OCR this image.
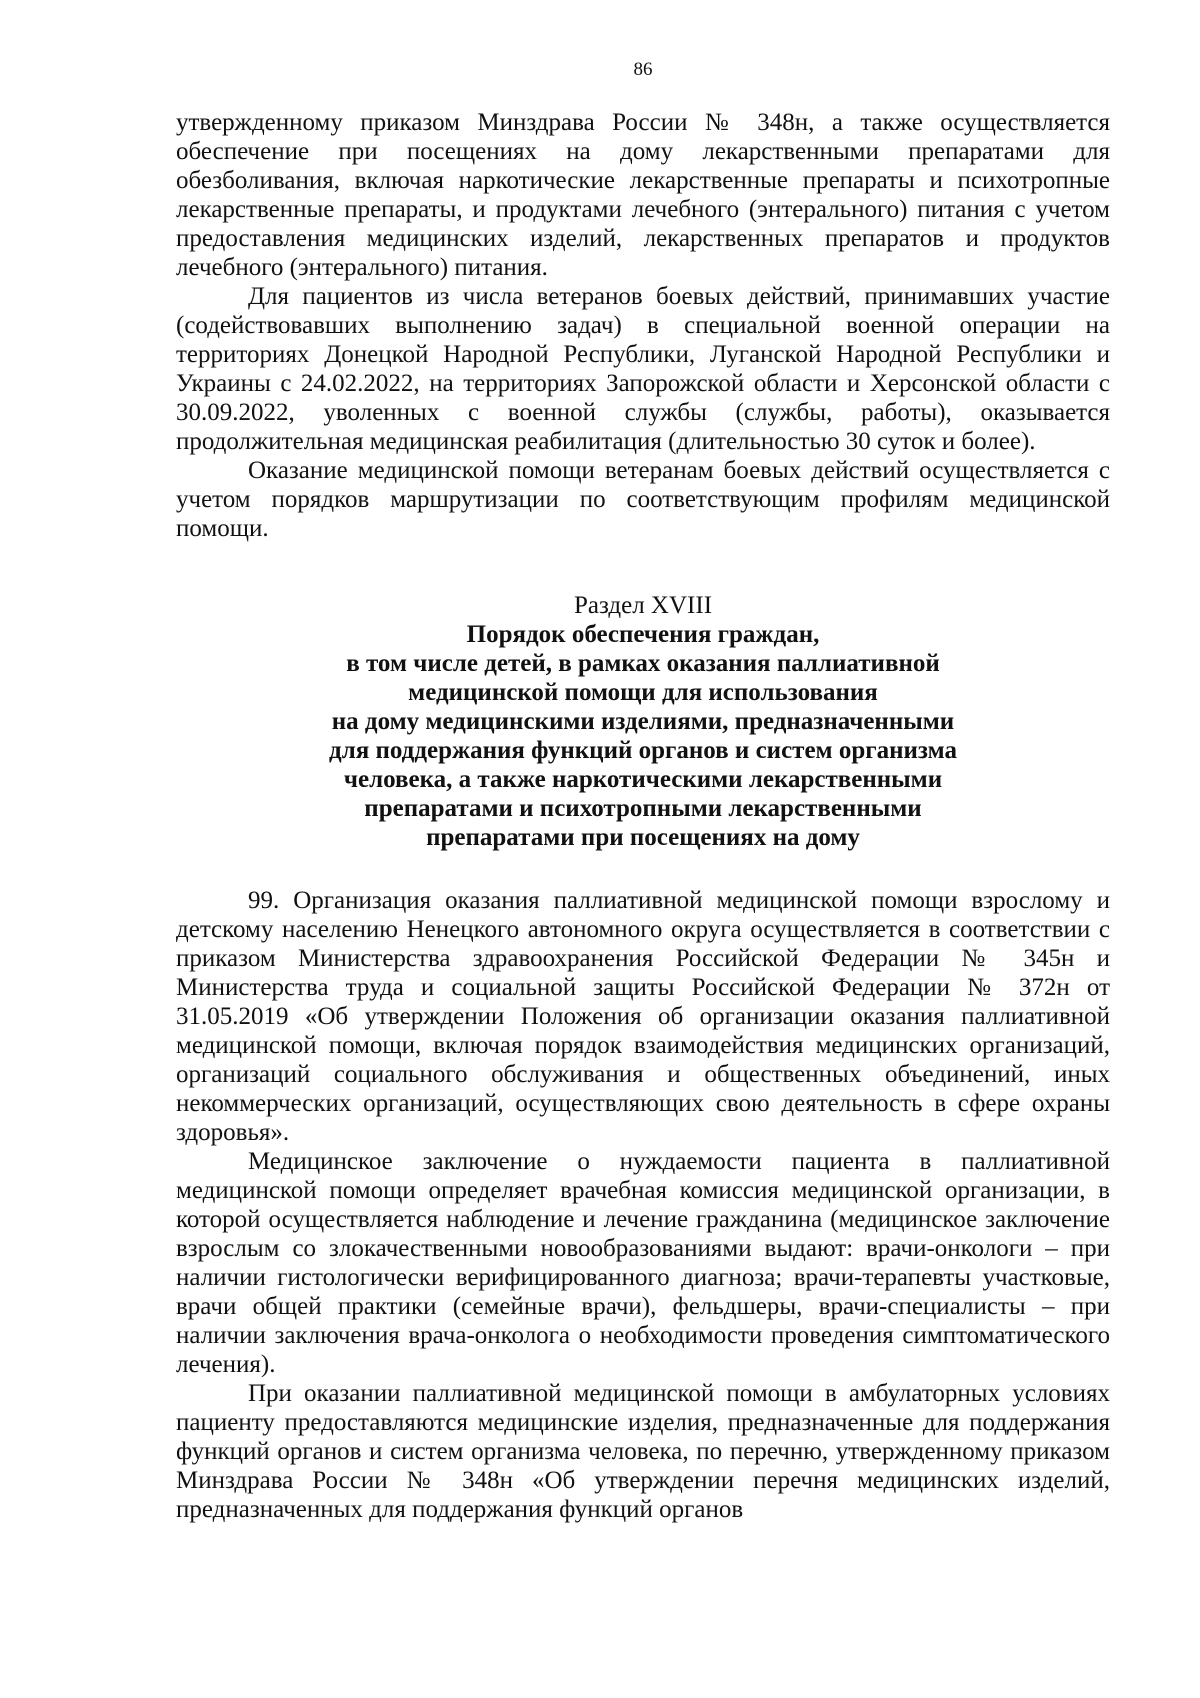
86

утвержденному приказом Минздрава России № 348н, а также осуществляется обеспечение при посещениях на дому лекарственными препаратами для обезболивания, включая наркотические лекарственные препараты и психотропные лекарственные препараты, и продуктами лечебного (энтерального) питания с учетом предоставления медицинских изделий, лекарственных препаратов и продуктов лечебного (энтерального) питания.

Для пациентов из числа ветеранов боевых действий, принимавших участие (содействовавших выполнению задач) в специальной военной операции на территориях Донецкой Народной Республики, Луганской Народной Республики и Украины с 24.02.2022, на территориях Запорожской области и Херсонской области с 30.09.2022, уволенных с военной службы (службы, работы), оказывается продолжительная медицинская реабилитация (длительностью 30 суток и более).

Оказание медицинской помощи ветеранам боевых действий осуществляется с учетом порядков маршрутизации по соответствующим профилям медицинской помощи.

Раздел XVIII
Порядок обеспечения граждан,
в том числе детей, в рамках оказания паллиативной
медицинской помощи для использования
на дому медицинскими изделиями, предназначенными
для поддержания функций органов и систем организма
человека, а также наркотическими лекарственными
препаратами и психотропными лекарственными
препаратами при посещениях на дому

99. Организация оказания паллиативной медицинской помощи взрослому и детскому населению Ненецкого автономного округа осуществляется в соответствии с приказом Министерства здравоохранения Российской Федерации № 345н и Министерства труда и социальной защиты Российской Федерации № 372н от 31.05.2019 «Об утверждении Положения об организации оказания паллиативной медицинской помощи, включая порядок взаимодействия медицинских организаций, организаций социального обслуживания и общественных объединений, иных некоммерческих организаций, осуществляющих свою деятельность в сфере охраны здоровья».

Медицинское заключение о нуждаемости пациента в паллиативной медицинской помощи определяет врачебная комиссия медицинской организации, в которой осуществляется наблюдение и лечение гражданина (медицинское заключение взрослым со злокачественными новообразованиями выдают: врачи-онкологи – при наличии гистологически верифицированного диагноза; врачи-терапевты участковые, врачи общей практики (семейные врачи), фельдшеры, врачи-специалисты – при наличии заключения врача-онколога о необходимости проведения симптоматического лечения).

При оказании паллиативной медицинской помощи в амбулаторных условиях пациенту предоставляются медицинские изделия, предназначенные для поддержания функций органов и систем организма человека, по перечню, утвержденному приказом Минздрава России № 348н «Об утверждении перечня медицинских изделий, предназначенных для поддержания функций органов
